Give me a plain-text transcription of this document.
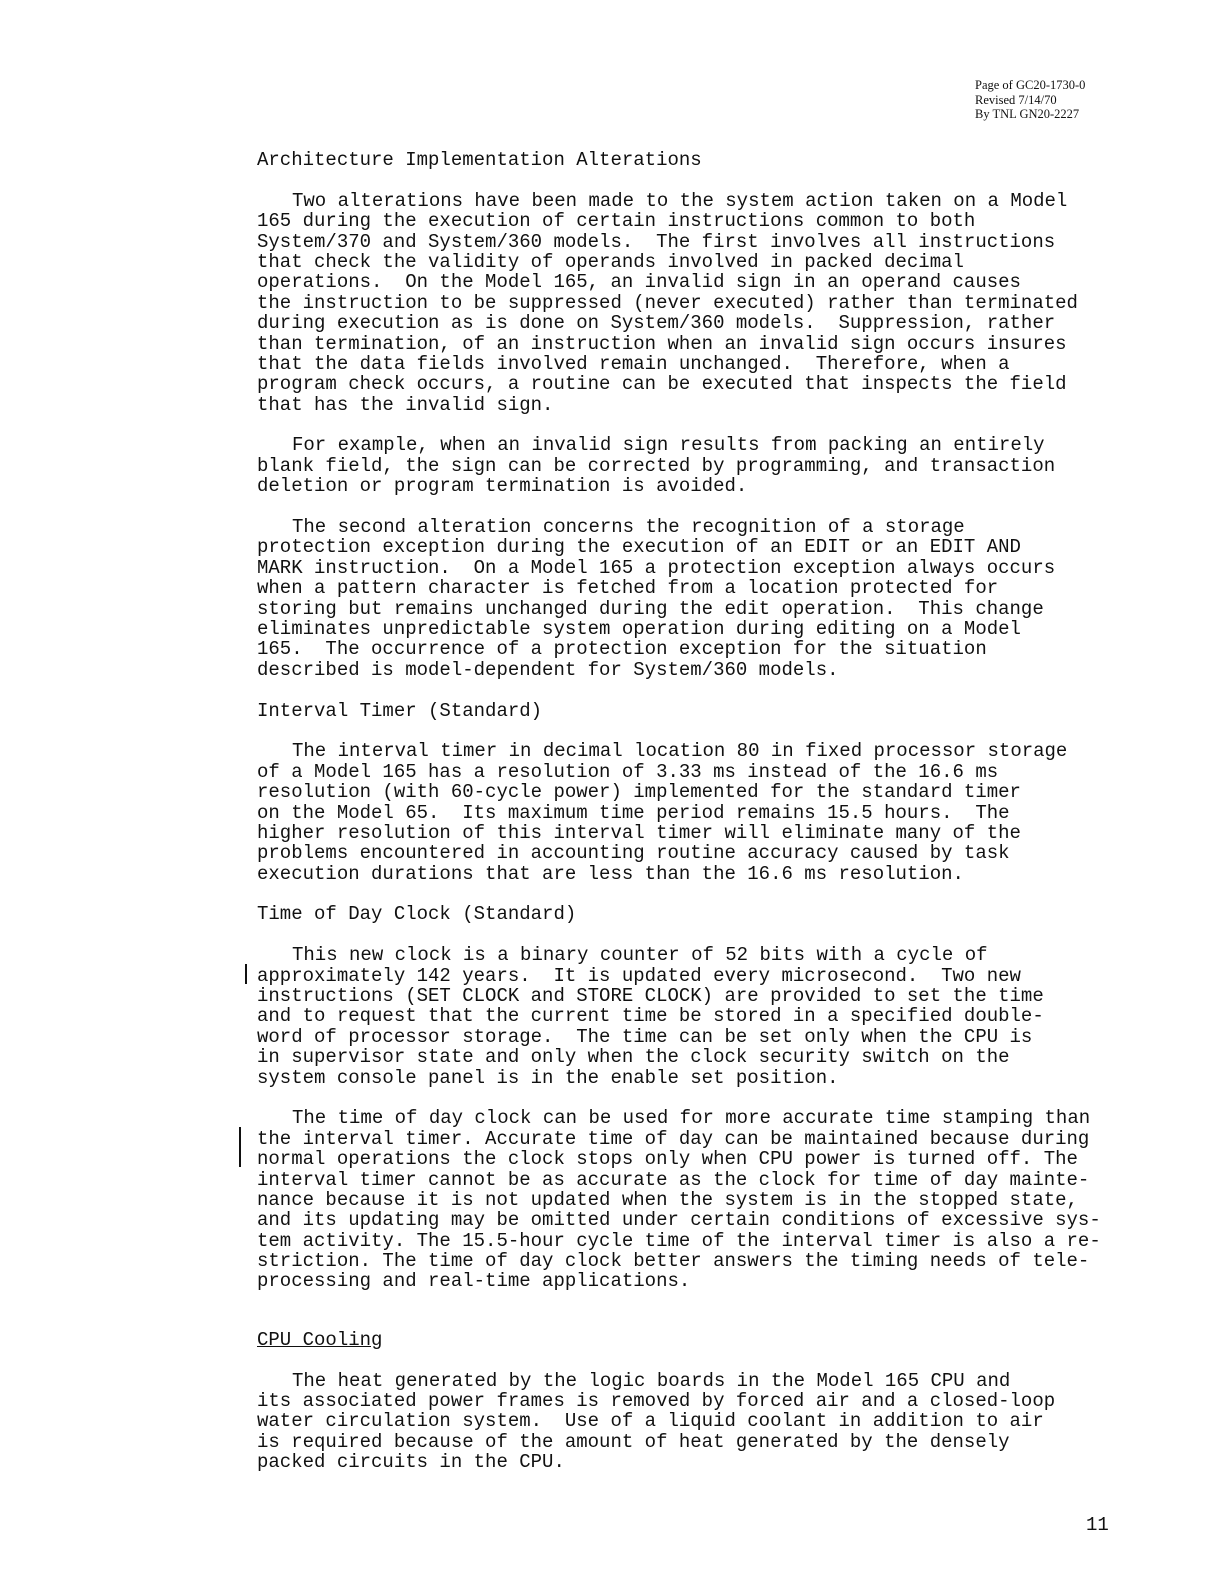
Page of GC20-1730-0
Revised 7/14/70
By TNL GN20-2227
Architecture Implementation Alterations
Two alterations have been made to the system action taken on a Model
165 during the execution of certain instructions common to both
System/370 and System/360 models.  The first involves all instructions
that check the validity of operands involved in packed decimal
operations.  On the Model 165, an invalid sign in an operand causes
the instruction to be suppressed (never executed) rather than terminated
during execution as is done on System/360 models.  Suppression, rather
than termination, of an instruction when an invalid sign occurs insures
that the data fields involved remain unchanged.  Therefore, when a
program check occurs, a routine can be executed that inspects the field
that has the invalid sign.
For example, when an invalid sign results from packing an entirely
blank field, the sign can be corrected by programming, and transaction
deletion or program termination is avoided.
The second alteration concerns the recognition of a storage
protection exception during the execution of an EDIT or an EDIT AND
MARK instruction.  On a Model 165 a protection exception always occurs
when a pattern character is fetched from a location protected for
storing but remains unchanged during the edit operation.  This change
eliminates unpredictable system operation during editing on a Model
165.  The occurrence of a protection exception for the situation
described is model-dependent for System/360 models.
Interval Timer (Standard)
The interval timer in decimal location 80 in fixed processor storage
of a Model 165 has a resolution of 3.33 ms instead of the 16.6 ms
resolution (with 60-cycle power) implemented for the standard timer
on the Model 65.  Its maximum time period remains 15.5 hours.  The
higher resolution of this interval timer will eliminate many of the
problems encountered in accounting routine accuracy caused by task
execution durations that are less than the 16.6 ms resolution.
Time of Day Clock (Standard)
This new clock is a binary counter of 52 bits with a cycle of
approximately 142 years.  It is updated every microsecond.  Two new
instructions (SET CLOCK and STORE CLOCK) are provided to set the time
and to request that the current time be stored in a specified double-
word of processor storage.  The time can be set only when the CPU is
in supervisor state and only when the clock security switch on the
system console panel is in the enable set position.
The time of day clock can be used for more accurate time stamping than
the interval timer. Accurate time of day can be maintained because during
normal operations the clock stops only when CPU power is turned off. The
interval timer cannot be as accurate as the clock for time of day mainte-
nance because it is not updated when the system is in the stopped state,
and its updating may be omitted under certain conditions of excessive sys-
tem activity. The 15.5-hour cycle time of the interval timer is also a re-
striction. The time of day clock better answers the timing needs of tele-
processing and real-time applications.
CPU Cooling
The heat generated by the logic boards in the Model 165 CPU and
its associated power frames is removed by forced air and a closed-loop
water circulation system.  Use of a liquid coolant in addition to air
is required because of the amount of heat generated by the densely
packed circuits in the CPU.
11
